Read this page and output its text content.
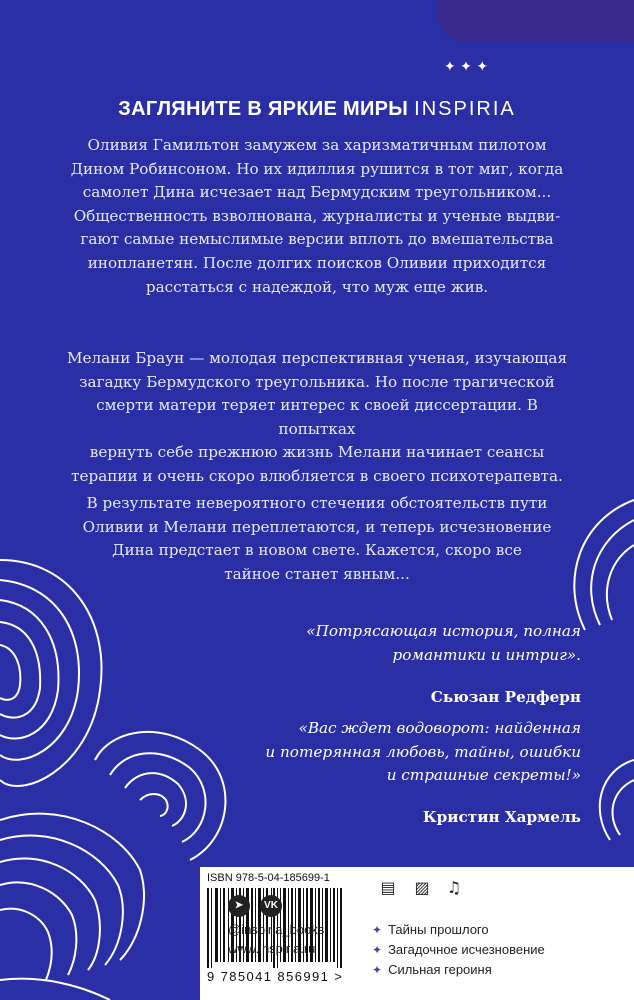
✦ ✦ ✦
ЗАГЛЯНИТЕ В ЯРКИЕ МИРЫ INSPIRIA
Оливия Гамильтон замужем за харизматичным пилотом
Дином Робинсоном. Но их идиллия рушится в тот миг, когда
самолет Дина исчезает над Бермудским треугольником...
Общественность взволнована, журналисты и ученые выдви-
гают самые немыслимые версии вплоть до вмешательства
инопланетян. После долгих поисков Оливии приходится
расстаться с надеждой, что муж еще жив.
Мелани Браун — молодая перспективная ученая, изучающая
загадку Бермудского треугольника. Но после трагической
смерти матери теряет интерес к своей диссертации. В попытках
вернуть себе прежнюю жизнь Мелани начинает сеансы
терапии и очень скоро влюбляется в своего психотерапевта.
В результате невероятного стечения обстоятельств пути
Оливии и Мелани переплетаются, и теперь исчезновение
Дина предстает в новом свете. Кажется, скоро все
тайное станет явным...
«Потрясающая история, полная
романтики и интриг».
Сьюзан Редферн
«Вас ждет водоворот: найденная
и потерянная любовь, тайны, ошибки
и страшные секреты!»
Кристин Хармель
ISBN 978-5-04-185699-1
9 785041 856991 >
➤	VK
@inspiria_books
www.inspiria.ru
▤ ▨ ♫
✦ Тайны прошлого
✦ Загадочное исчезновение
✦ Сильная героиня
